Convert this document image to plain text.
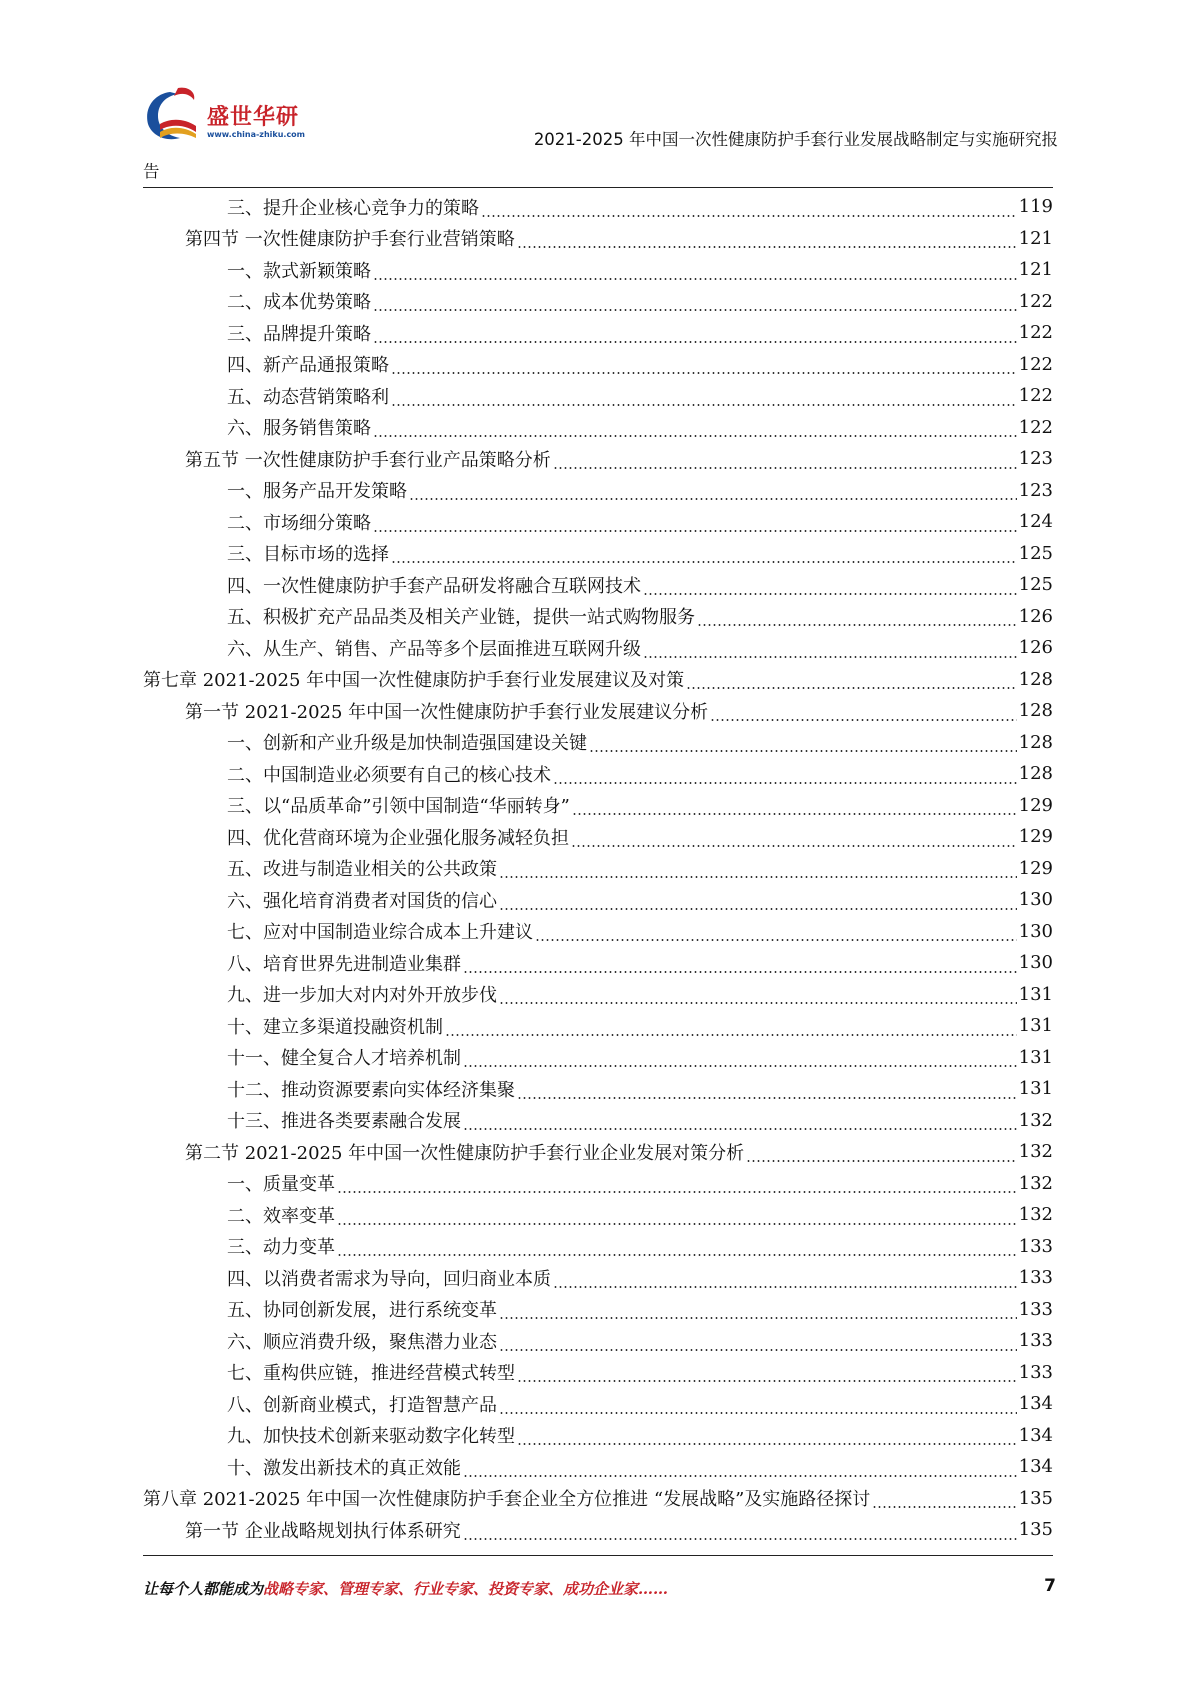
盛世华研
www.china-zhiku.com	2021-2025 年中国一次性健康防护手套行业发展战略制定与实施研究报
告
三、提升企业核心竞争力的策略	119
第四节 一次性健康防护手套行业营销策略	121
一、款式新颖策略	121
二、成本优势策略	122
三、品牌提升策略	122
四、新产品通报策略	122
五、动态营销策略利	122
六、服务销售策略	122
第五节 一次性健康防护手套行业产品策略分析	123
一、服务产品开发策略	123
二、市场细分策略	124
三、目标市场的选择	125
四、一次性健康防护手套产品研发将融合互联网技术	125
五、积极扩充产品品类及相关产业链，提供一站式购物服务	126
六、从生产、销售、产品等多个层面推进互联网升级	126
第七章 2021-2025 年中国一次性健康防护手套行业发展建议及对策	128
第一节 2021-2025 年中国一次性健康防护手套行业发展建议分析	128
一、创新和产业升级是加快制造强国建设关键	128
二、中国制造业必须要有自己的核心技术	128
三、以“品质革命”引领中国制造“华丽转身”	129
四、优化营商环境为企业强化服务减轻负担	129
五、改进与制造业相关的公共政策	129
六、强化培育消费者对国货的信心	130
七、应对中国制造业综合成本上升建议	130
八、培育世界先进制造业集群	130
九、进一步加大对内对外开放步伐	131
十、建立多渠道投融资机制	131
十一、健全复合人才培养机制	131
十二、推动资源要素向实体经济集聚	131
十三、推进各类要素融合发展	132
第二节 2021-2025 年中国一次性健康防护手套行业企业发展对策分析	132
一、质量变革	132
二、效率变革	132
三、动力变革	133
四、以消费者需求为导向，回归商业本质	133
五、协同创新发展，进行系统变革	133
六、顺应消费升级，聚焦潜力业态	133
七、重构供应链，推进经营模式转型	133
八、创新商业模式，打造智慧产品	134
九、加快技术创新来驱动数字化转型	134
十、激发出新技术的真正效能	134
第八章 2021-2025 年中国一次性健康防护手套企业全方位推进 “发展战略”及实施路径探讨	135
第一节 企业战略规划执行体系研究	135
让每个人都能成为战略专家、管理专家、行业专家、投资专家、成功企业家……	7
